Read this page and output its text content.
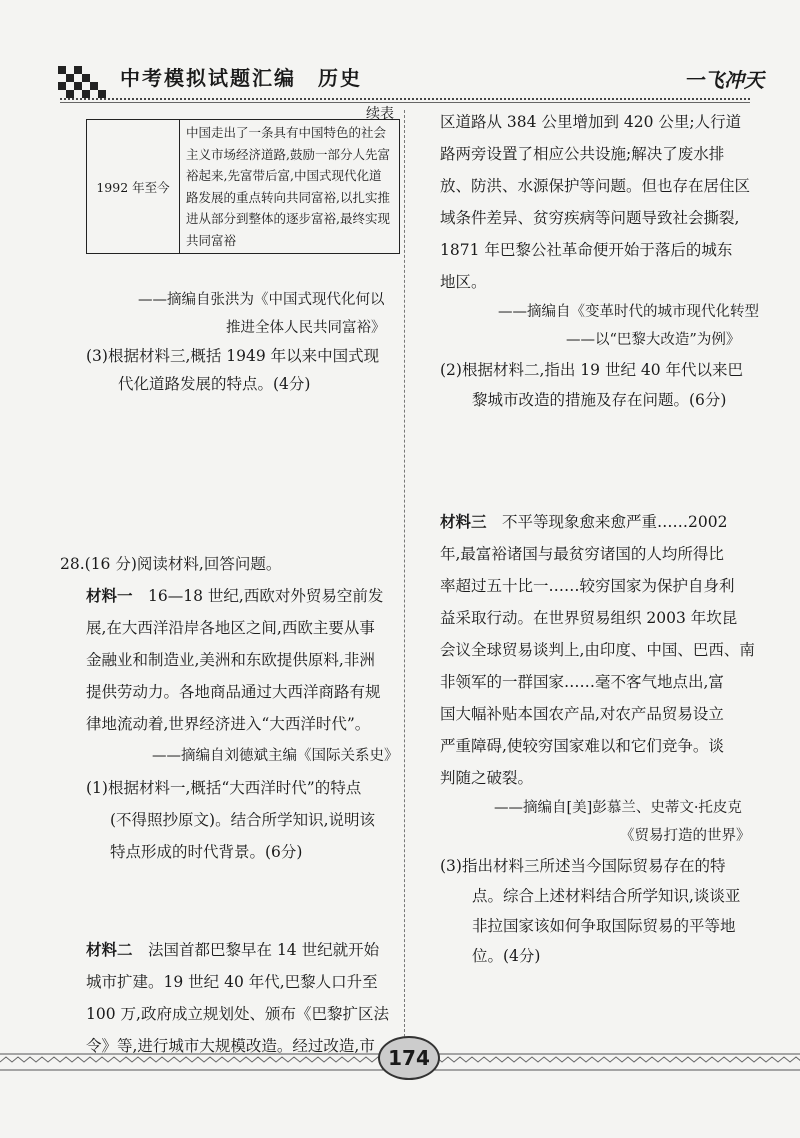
中考模拟试题汇编　历史	一飞冲天
续表
1992 年至今	中国走出了一条具有中国特色的社会主义市场经济道路,鼓励一部分人先富裕起来,先富带后富,中国式现代化道路发展的重点转向共同富裕,以扎实推进从部分到整体的逐步富裕,最终实现共同富裕
——摘编自张洪为《中国式现代化何以
推进全体人民共同富裕》
(3)根据材料三,概括 1949 年以来中国式现
代化道路发展的特点。(4分)
28.(16 分)阅读材料,回答问题。
材料一　16—18 世纪,西欧对外贸易空前发
展,在大西洋沿岸各地区之间,西欧主要从事
金融业和制造业,美洲和东欧提供原料,非洲
提供劳动力。各地商品通过大西洋商路有规
律地流动着,世界经济进入“大西洋时代”。
——摘编自刘德斌主编《国际关系史》
(1)根据材料一,概括“大西洋时代”的特点
(不得照抄原文)。结合所学知识,说明该
特点形成的时代背景。(6分)
材料二　法国首都巴黎早在 14 世纪就开始
城市扩建。19 世纪 40 年代,巴黎人口升至
100 万,政府成立规划处、颁布《巴黎扩区法
令》等,进行城市大规模改造。经过改造,市
区道路从 384 公里增加到 420 公里;人行道
路两旁设置了相应公共设施;解决了废水排
放、防洪、水源保护等问题。但也存在居住区
域条件差异、贫穷疾病等问题导致社会撕裂,
1871 年巴黎公社革命便开始于落后的城东
地区。
——摘编自《变革时代的城市现代化转型
——以“巴黎大改造”为例》
(2)根据材料二,指出 19 世纪 40 年代以来巴
黎城市改造的措施及存在问题。(6分)
材料三　不平等现象愈来愈严重……2002
年,最富裕诸国与最贫穷诸国的人均所得比
率超过五十比一……较穷国家为保护自身利
益采取行动。在世界贸易组织 2003 年坎昆
会议全球贸易谈判上,由印度、中国、巴西、南
非领军的一群国家……毫不客气地点出,富
国大幅补贴本国农产品,对农产品贸易设立
严重障碍,使较穷国家难以和它们竞争。谈
判随之破裂。
——摘编自[美]彭慕兰、史蒂文·托皮克
《贸易打造的世界》
(3)指出材料三所述当今国际贸易存在的特
点。综合上述材料结合所学知识,谈谈亚
非拉国家该如何争取国际贸易的平等地
位。(4分)
174
